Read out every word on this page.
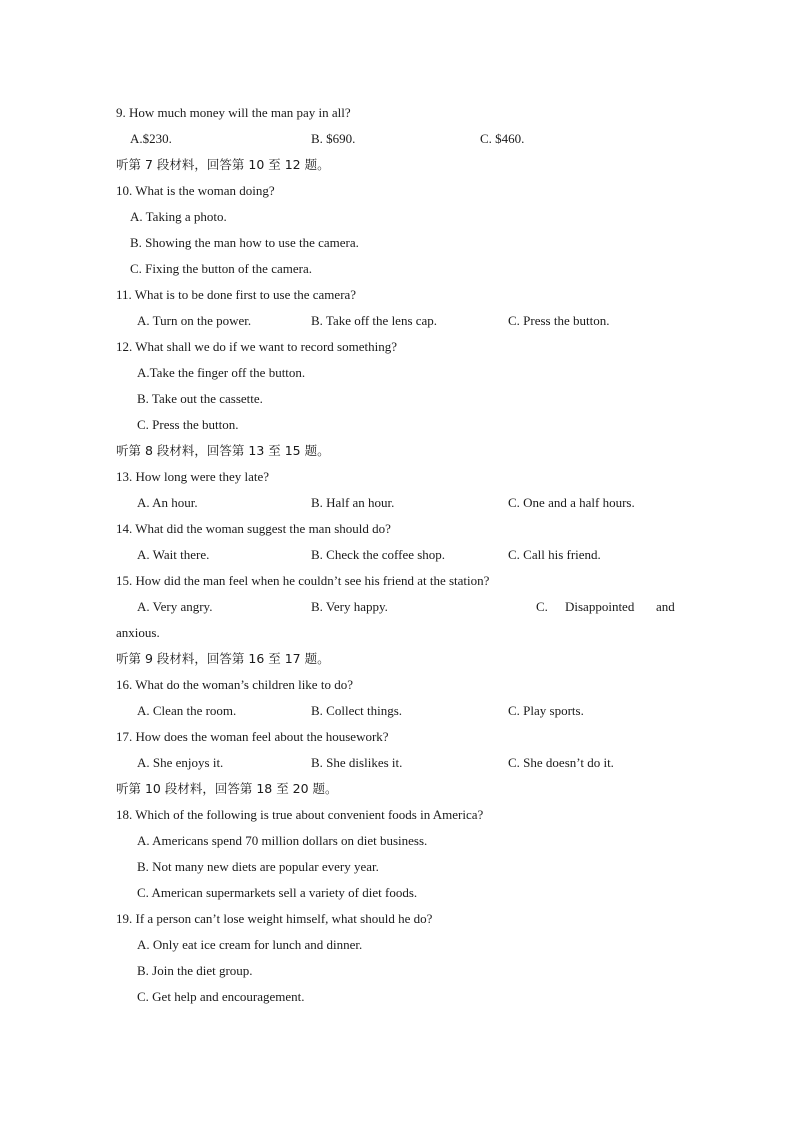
9. How much money will the man pay in all?
A.$230.	B. $690.	C. $460.
听第 7 段材料，回答第 10 至 12 题。
10. What is the woman doing?
A. Taking a photo.
B. Showing the man how to use the camera.
C. Fixing the button of the camera.
11. What is to be done first to use the camera?
A. Turn on the power.	B. Take off the lens cap.	C. Press the button.
12. What shall we do if we want to record something?
A.Take the finger off the button.
B. Take out the cassette.
C. Press the button.
听第 8 段材料，回答第 13 至 15 题。
13. How long were they late?
A. An hour.	B. Half an hour.	C. One and a half hours.
14. What did the woman suggest the man should do?
A. Wait there.	B. Check the coffee shop.	C. Call his friend.
15. How did the man feel when he couldn’t see his friend at the station?
A. Very angry.	B. Very happy.	C. Disappointed and
anxious.
听第 9 段材料，回答第 16 至 17 题。
16. What do the woman’s children like to do?
A. Clean the room.	B. Collect things.	C. Play sports.
17. How does the woman feel about the housework?
A. She enjoys it.	B. She dislikes it.	C. She doesn’t do it.
听第 10 段材料，回答第 18 至 20 题。
18. Which of the following is true about convenient foods in America?
A. Americans spend 70 million dollars on diet business.
B. Not many new diets are popular every year.
C. American supermarkets sell a variety of diet foods.
19. If a person can’t lose weight himself, what should he do?
A. Only eat ice cream for lunch and dinner.
B. Join the diet group.
C. Get help and encouragement.
